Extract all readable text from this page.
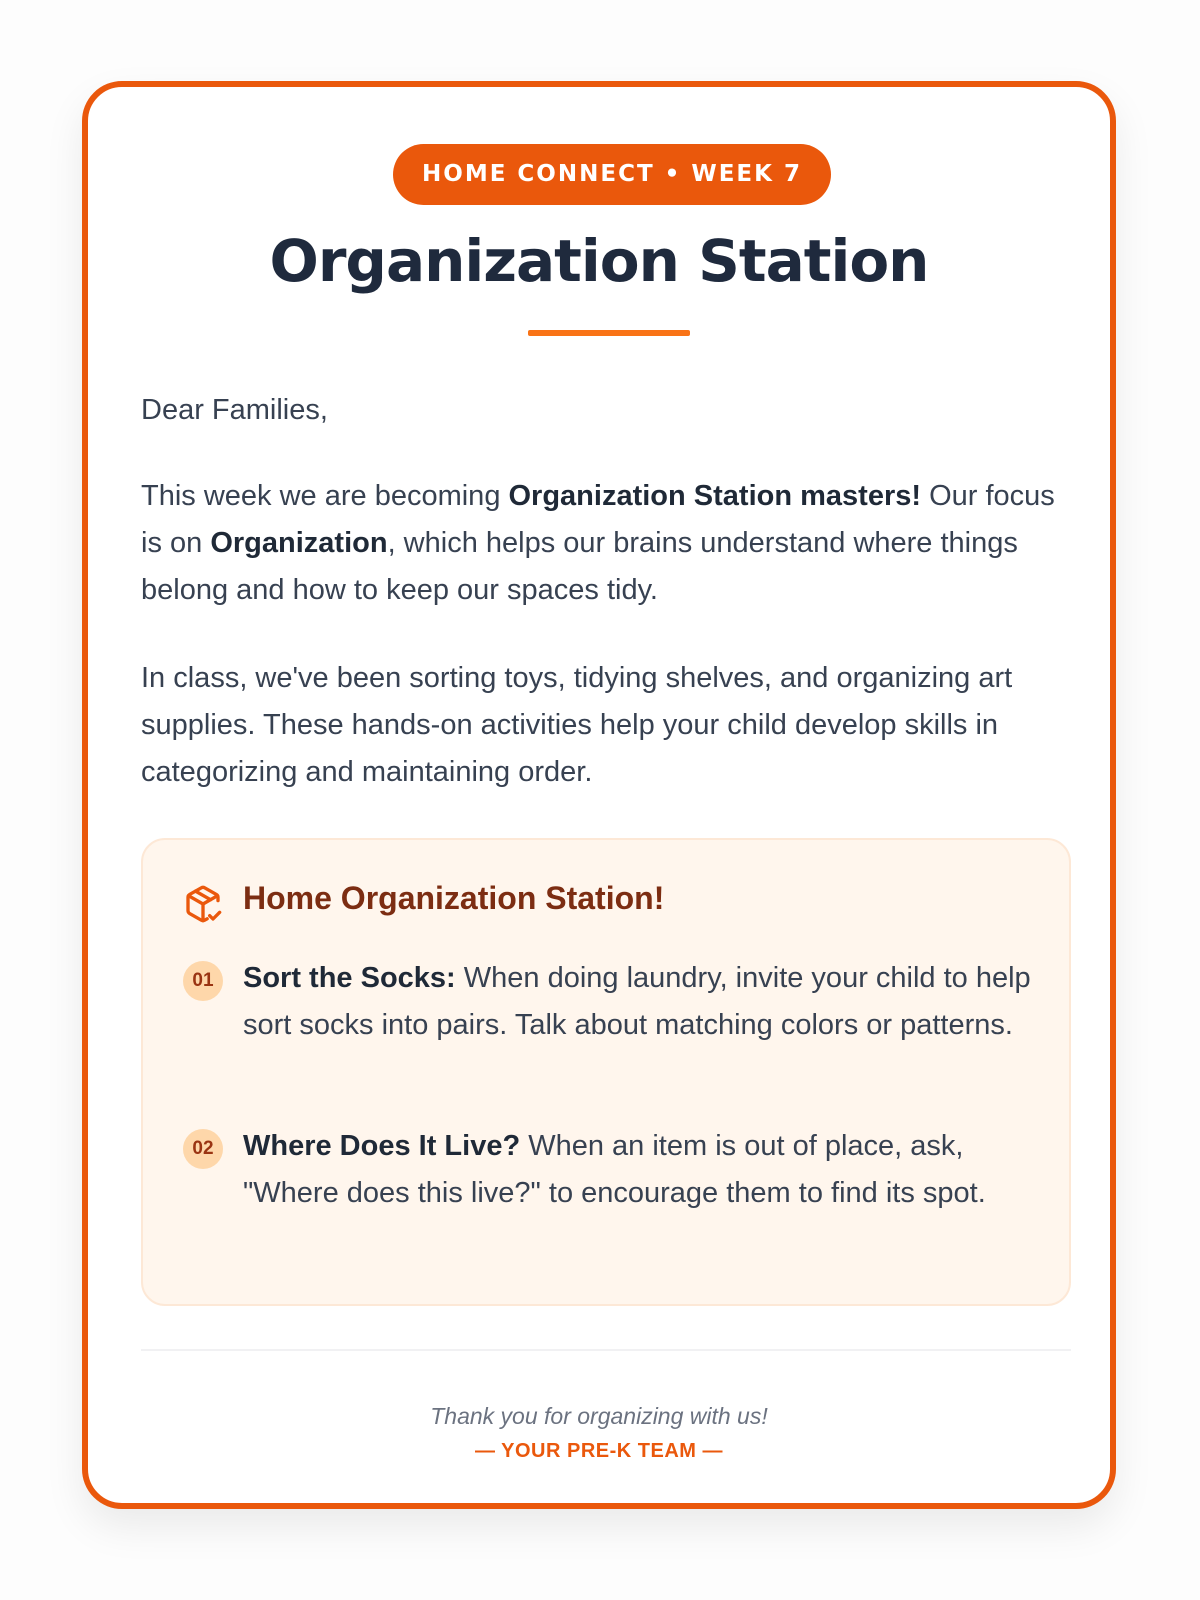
HOME CONNECT • WEEK 7
Organization Station

Dear Families,

This week we are becoming Organization Station masters! Our focus is on Organization, which helps our brains understand where things belong and how to keep our spaces tidy.

In class, we've been sorting toys, tidying shelves, and organizing art supplies. These hands-on activities help your child develop skills in categorizing and maintaining order.

Home Organization Station!
01	Sort the Socks: When doing laundry, invite your child to help sort socks into pairs. Talk about matching colors or patterns.
02	Where Does It Live? When an item is out of place, ask, "Where does this live?" to encourage them to find its spot.
Thank you for organizing with us!
— YOUR PRE-K TEAM —
